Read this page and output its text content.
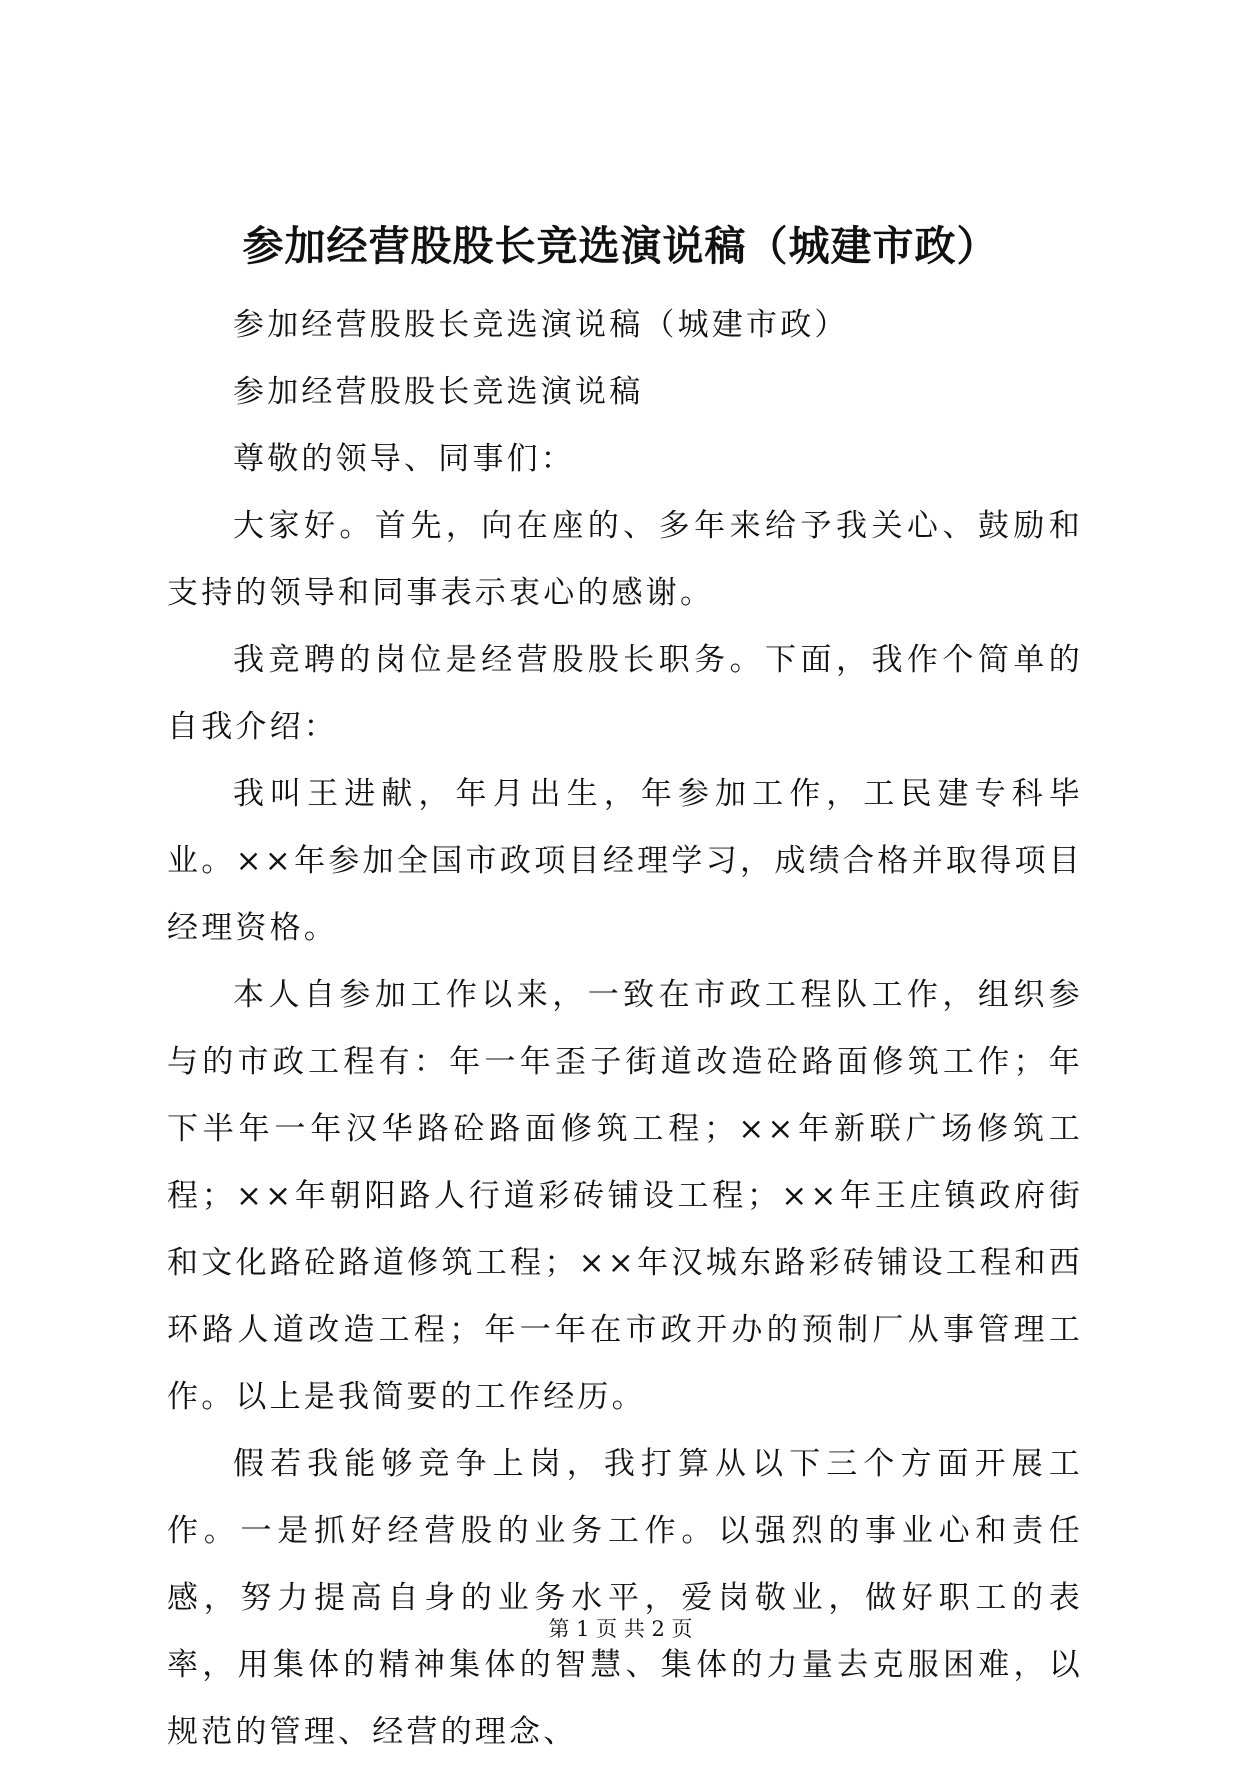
参加经营股股长竞选演说稿（城建市政）

参加经营股股长竞选演说稿（城建市政）

参加经营股股长竞选演说稿

尊敬的领导、同事们：

大家好。首先，向在座的、多年来给予我关心、鼓励和支持的领导和同事表示衷心的感谢。

我竞聘的岗位是经营股股长职务。下面，我作个简单的自我介绍：

我叫王进献，年月出生，年参加工作，工民建专科毕业。××年参加全国市政项目经理学习，成绩合格并取得项目经理资格。

本人自参加工作以来，一致在市政工程队工作，组织参与的市政工程有：年一年歪子街道改造砼路面修筑工作；年下半年一年汉华路砼路面修筑工程；××年新联广场修筑工程；××年朝阳路人行道彩砖铺设工程；××年王庄镇政府街和文化路砼路道修筑工程；××年汉城东路彩砖铺设工程和西环路人道改造工程；年一年在市政开办的预制厂从事管理工作。以上是我简要的工作经历。

假若我能够竞争上岗，我打算从以下三个方面开展工作。一是抓好经营股的业务工作。以强烈的事业心和责任感，努力提高自身的业务水平，爱岗敬业，做好职工的表率，用集体的精神集体的智慧、集体的力量去克服困难，以规范的管理、经营的理念、

第 1 页 共 2 页
